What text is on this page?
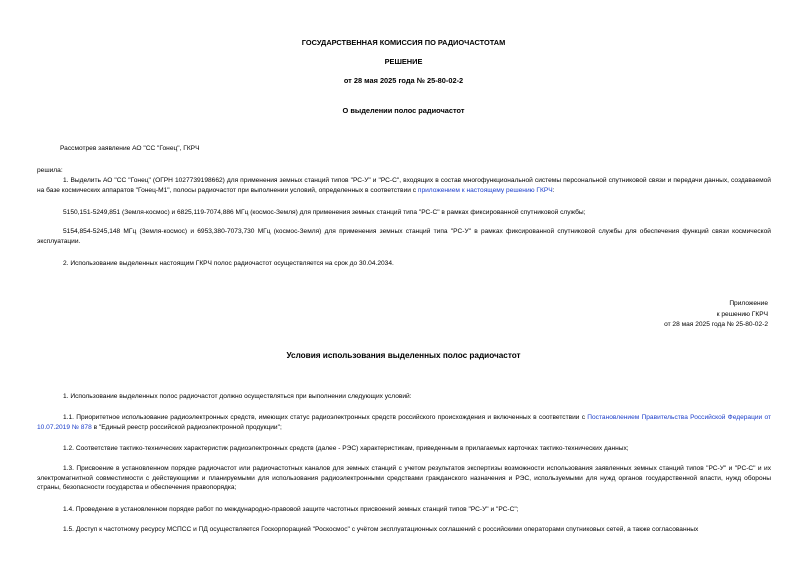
ГОСУДАРСТВЕННАЯ КОМИССИЯ ПО РАДИОЧАСТОТАМ

РЕШЕНИЕ

от 28 мая 2025 года № 25-80-02-2

О выделении полос радиочастот

Рассмотрев заявление АО "СС "Гонец", ГКРЧ

решила:

1. Выделить АО "СС "Гонец" (ОГРН 1027739198662) для применения земных станций типов "РС-У" и "РС-С", входящих в состав многофункциональной системы персональной спутниковой связи и передачи данных, создаваемой на базе космических аппаратов "Гонец-М1", полосы радиочастот при выполнении условий, определенных в соответствии с приложением к настоящему решению ГКРЧ:

5150,151-5249,851 (Земля-космос) и 6825,119-7074,886 МГц (космос-Земля) для применения земных станций типа "РС-С" в рамках фиксированной спутниковой службы;

5154,854-5245,148 МГц (Земля-космос) и 6953,380-7073,730 МГц (космос-Земля) для применения земных станций типа "РС-У" в рамках фиксированной спутниковой службы для обеспечения функций связи космической эксплуатации.

2. Использование выделенных настоящим ГКРЧ полос радиочастот осуществляется на срок до 30.04.2034.

Приложение

к решению ГКРЧ

от 28 мая 2025 года № 25-80-02-2

Условия использования выделенных полос радиочастот

1. Использование выделенных полос радиочастот должно осуществляться при выполнении следующих условий:

1.1. Приоритетное использование радиоэлектронных средств, имеющих статус радиоэлектронных средств российского происхождения и включенных в соответствии с Постановлением Правительства Российской Федерации от 10.07.2019 № 878 в "Единый реестр российской радиоэлектронной продукции";

1.2. Соответствие тактико-технических характеристик радиоэлектронных средств (далее - РЭС) характеристикам, приведенным в прилагаемых карточках тактико-технических данных;

1.3. Присвоение в установленном порядке радиочастот или радиочастотных каналов для земных станций с учетом результатов экспертизы возможности использования заявленных земных станций типов "РС-У" и "РС-С" и их электромагнитной совместимости с действующими и планируемыми для использования радиоэлектронными средствами гражданского назначения и РЭС, используемыми для нужд органов государственной власти, нужд обороны страны, безопасности государства и обеспечения правопорядка;

1.4. Проведение в установленном порядке работ по международно-правовой защите частотных присвоений земных станций типов "РС-У" и "РС-С";

1.5. Доступ к частотному ресурсу МСПСС и ПД осуществляется Госкорпорацией "Роскосмос" с учётом эксплуатационных соглашений с российскими операторами спутниковых сетей, а также согласованных
